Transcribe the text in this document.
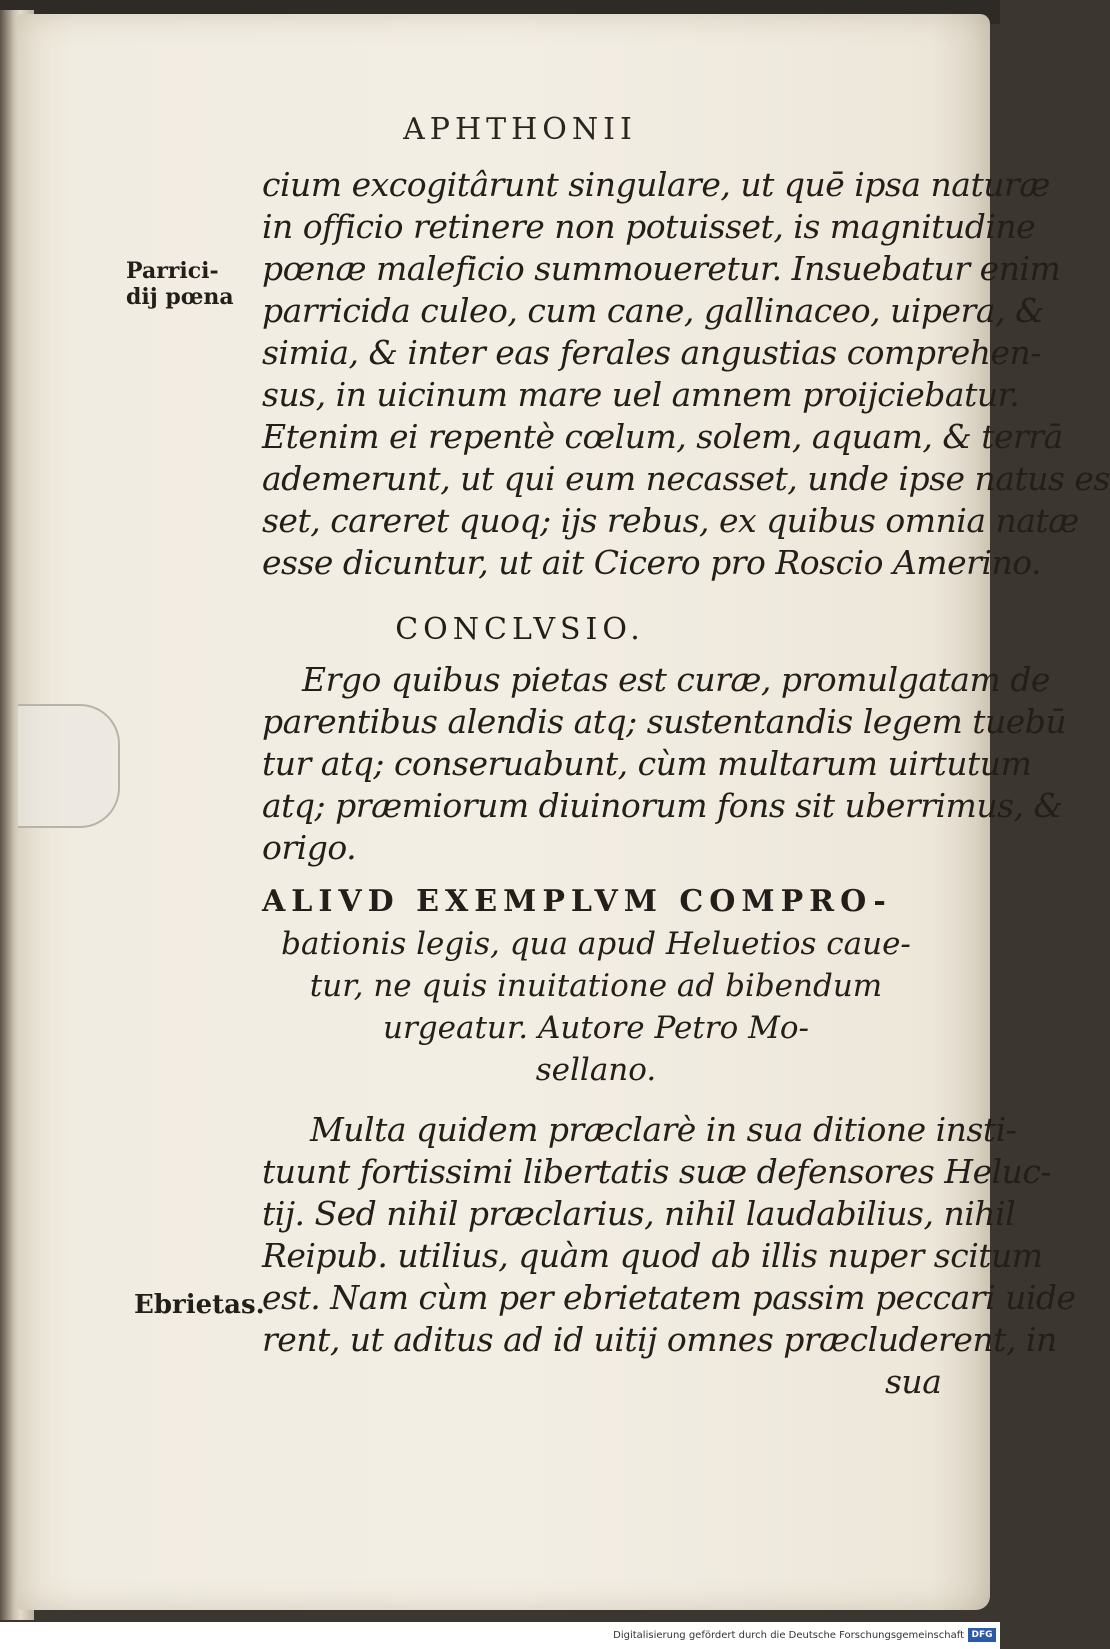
APHTHONII

cium excogitârunt singulare, ut quē ipsa naturæ

in officio retinere non potuisset, is magnitudine

pœnæ maleficio summoueretur. Insuebatur enim

parricida culeo, cum cane, gallinaceo, uipera, &

simia, & inter eas ferales angustias comprehen-

sus, in uicinum mare uel amnem proijciebatur.

Etenim ei repentè cœlum, solem, aquam, & terrā

ademerunt, ut qui eum necasset, unde ipse natus es

set, careret quoq; ijs rebus, ex quibus omnia natæ

esse dicuntur, ut ait Cicero pro Roscio Amerino.

Parrici-
dij pœna
CONCLVSIO.

Ergo quibus pietas est curæ, promulgatam de

parentibus alendis atq; sustentandis legem tuebū

tur atq; conseruabunt, cùm multarum uirtutum

atq; præmiorum diuinorum fons sit uberrimus, &

origo.

ALIVD EXEMPLVM COMPRO-

bationis legis, qua apud Heluetios caue-

tur, ne quis inuitatione ad bibendum

urgeatur. Autore Petro Mo-

sellano.

Multa quidem præclarè in sua ditione insti-

tuunt fortissimi libertatis suæ defensores Heluc-

tij. Sed nihil præclarius, nihil laudabilius, nihil

Reipub. utilius, quàm quod ab illis nuper scitum

est. Nam cùm per ebrietatem passim peccari uide

rent, ut aditus ad id uitij omnes præcluderent, in

sua

Ebrietas.
Digitalisierung gefördert durch die Deutsche Forschungsgemeinschaft DFG
